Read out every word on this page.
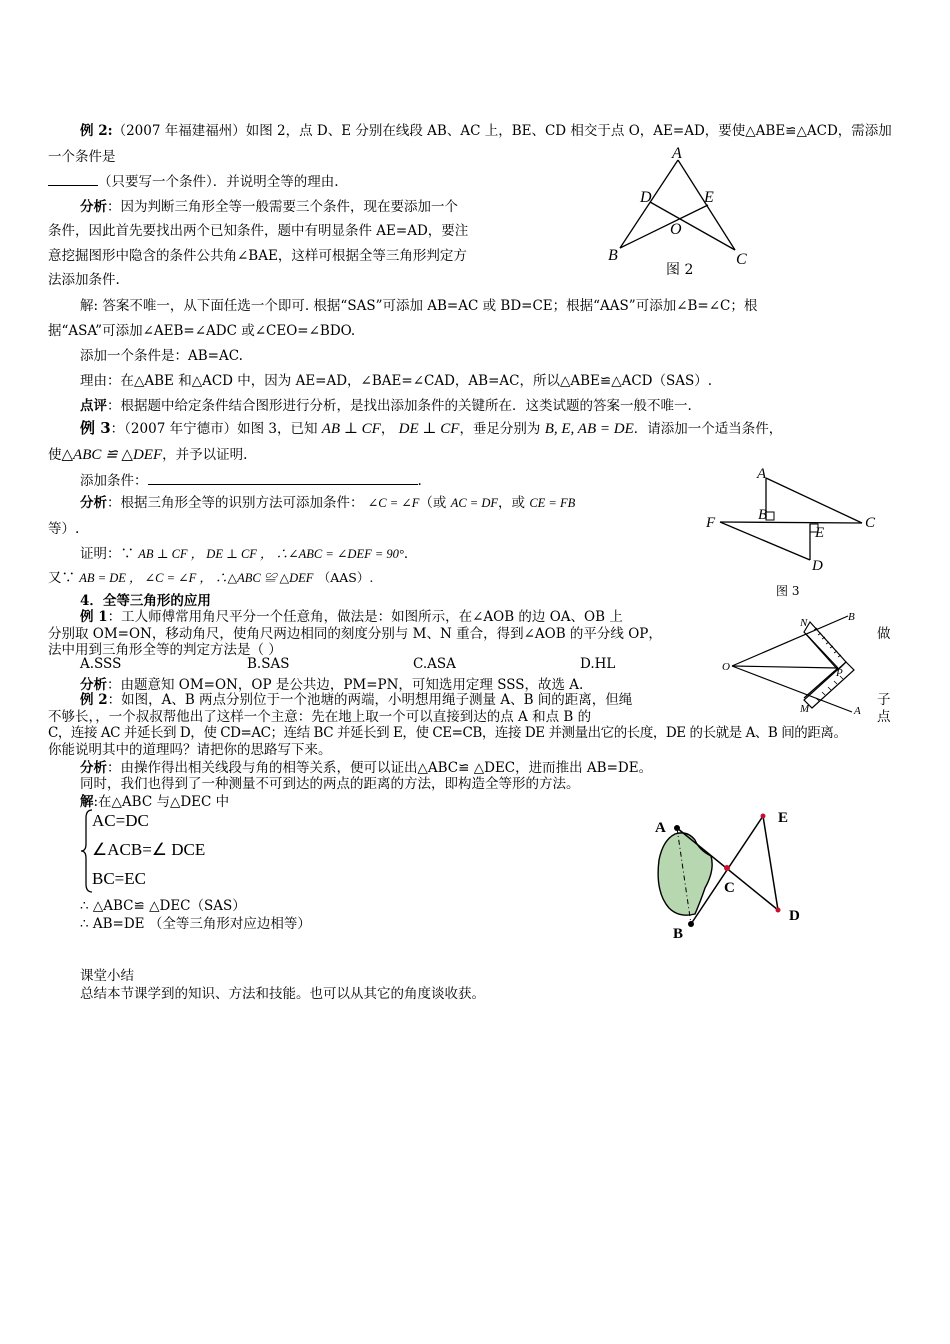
例 2:（2007 年福建福州）如图 2，点 D、E 分别在线段 AB、AC 上，BE、CD 相交于点 O，AE=AD，要使△ABE≌△ACD，需添加
一个条件是
（只要写一个条件）．并说明全等的理由.
分析：因为判断三角形全等一般需要三个条件，现在要添加一个
条件，因此首先要找出两个已知条件，题中有明显条件 AE=AD，要注
意挖掘图形中隐含的条件公共角∠BAE，这样可根据全等三角形判定方
法添加条件.
A
D	E
O
B	C
图 2
解: 答案不唯一，从下面任选一个即可. 根据“SAS”可添加 AB=AC 或 BD=CE；根据“AAS”可添加∠B=∠C；根
据“ASA”可添加∠AEB=∠ADC 或∠CEO=∠BDO.
添加一个条件是：AB=AC.
理由：在△ABE 和△ACD 中，因为 AE=AD，∠BAE=∠CAD，AB=AC，所以△ABE≌△ACD（SAS）.
点评：根据题中给定条件结合图形进行分析，是找出添加条件的关键所在．这类试题的答案一般不唯一.
例 3：（2007 年宁德市）如图 3，已知 AB ⊥ CF， DE ⊥ CF，垂足分别为 B, E, AB = DE．请添加一个适当条件，
使△ABC ≌ △DEF，并予以证明.
添加条件：	.
分析：根据三角形全等的识别方法可添加条件： ∠C = ∠F（或 AC = DF，或 CE = FB
等）.
证明：∵ AB ⊥ CF ， DE ⊥ CF ， ∴∠ABC = ∠DEF = 90°．
又∵ AB = DE ， ∠C = ∠F ， ∴△ABC ≌ △DEF （AAS）.
A
B
E
F	C
D
图 3
4．全等三角形的应用
例 1：工人师傅常用角尺平分一个任意角，做法是：如图所示，在∠AOB 的边 OA、OB 上
分别取 OM=ON，移动角尺，使角尺两边相同的刻度分别与 M、N 重合，得到∠AOB 的平分线 OP，	做
法中用到三角形全等的判定方法是（ ）
A.SSS	B.SAS	C.ASA	D.HL
分析：由题意知 OM=ON，OP 是公共边，PM=PN，可知选用定理 SSS，故选 A.
例 2：如图，A、B 两点分别位于一个池塘的两端，小明想用绳子测量 A、B 间的距离，但绳	子
不够长，，一个叔叔帮他出了这样一个主意：先在地上取一个可以直接到达的点 A 和点 B 的	点
C，连接 AC 并延长到 D，使 CD=AC；连结 BC 并延长到 E，使 CE=CB，连接 DE 并测量出它的长度，DE 的长就是 A、B 间的距离。
你能说明其中的道理吗？请把你的思路写下来。
分析：由操作得出相关线段与角的相等关系，便可以证出△ABC≌ △DEC，进而推出 AB=DE。
同时，我们也得到了一种测量不可到达的两点的距离的方法，即构造全等形的方法。
解:在△ABC 与△DEC 中
AC=DC
∠ACB=∠ DCE
BC=EC
∴ △ABC≌ △DEC（SAS）
∴ AB=DE （全等三角形对应边相等）
O
A
B
M
N
P
A
B
C
D
E
课堂小结
总结本节课学到的知识、方法和技能。也可以从其它的角度谈收获。
